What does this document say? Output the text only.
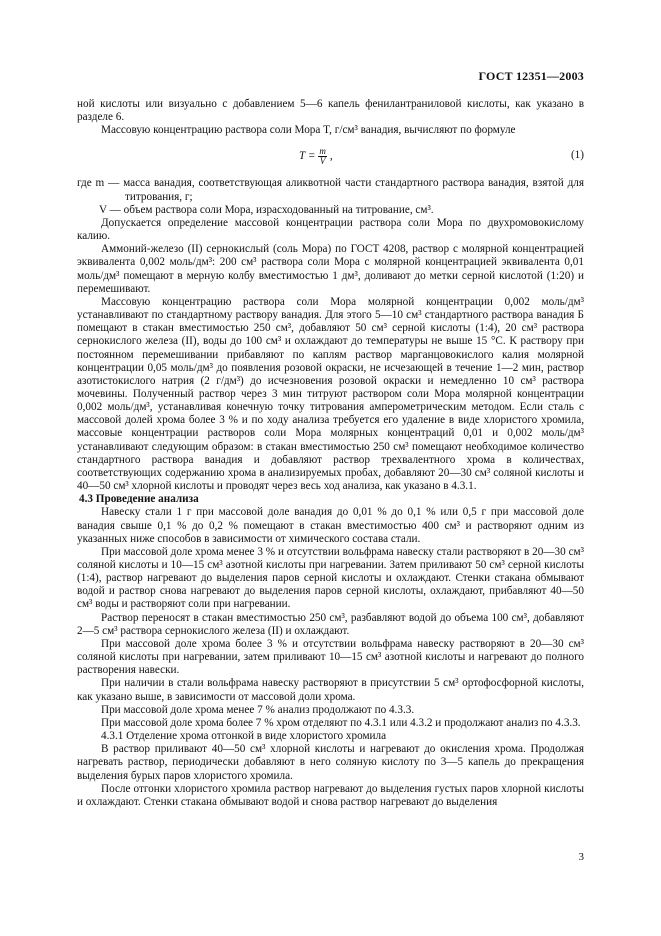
ГОСТ 12351—2003

ной кислоты или визуально с добавлением 5—6 капель фенилантраниловой кислоты, как указано в разделе 6.

Массовую концентрацию раствора соли Мора T, г/см³ ванадия, вычисляют по формуле

$T = \frac{m}{V}$ ,	(1)

где m — масса ванадия, соответствующая аликвотной части стандартного раствора ванадия, взятой для титрования, г;

V — объем раствора соли Мора, израсходованный на титрование, см³.

Допускается определение массовой концентрации раствора соли Мора по двухромовокислому калию.

Аммоний-железо (II) сернокислый (соль Мора) по ГОСТ 4208, раствор с молярной концентрацией эквивалента 0,002 моль/дм³: 200 см³ раствора соли Мора с молярной концентрацией эквивалента 0,01 моль/дм³ помещают в мерную колбу вместимостью 1 дм³, доливают до метки серной кислотой (1:20) и перемешивают.

Массовую концентрацию раствора соли Мора молярной концентрации 0,002 моль/дм³ устанавливают по стандартному раствору ванадия. Для этого 5—10 см³ стандартного раствора ванадия Б помещают в стакан вместимостью 250 см³, добавляют 50 см³ серной кислоты (1:4), 20 см³ раствора сернокислого железа (II), воды до 100 см³ и охлаждают до температуры не выше 15 °С. К раствору при постоянном перемешивании прибавляют по каплям раствор марганцовокислого калия молярной концентрации 0,05 моль/дм³ до появления розовой окраски, не исчезающей в течение 1—2 мин, раствор азотистокислого натрия (2 г/дм³) до исчезновения розовой окраски и немедленно 10 см³ раствора мочевины. Полученный раствор через 3 мин титруют раствором соли Мора молярной концентрации 0,002 моль/дм³, устанавливая конечную точку титрования амперометрическим методом. Если сталь с массовой долей хрома более 3 % и по ходу анализа требуется его удаление в виде хлористого хромила, массовые концентрации растворов соли Мора молярных концентраций 0,01 и 0,002 моль/дм³ устанавливают следующим образом: в стакан вместимостью 250 см³ помещают необходимое количество стандартного раствора ванадия и добавляют раствор трехвалентного хрома в количествах, соответствующих содержанию хрома в анализируемых пробах, добавляют 20—30 см³ соляной кислоты и 40—50 см³ хлорной кислоты и проводят через весь ход анализа, как указано в 4.3.1.

4.3 Проведение анализа

Навеску стали 1 г при массовой доле ванадия до 0,01 % до 0,1 % или 0,5 г при массовой доле ванадия свыше 0,1 % до 0,2 % помещают в стакан вместимостью 400 см³ и растворяют одним из указанных ниже способов в зависимости от химического состава стали.

При массовой доле хрома менее 3 % и отсутствии вольфрама навеску стали растворяют в 20—30 см³ соляной кислоты и 10—15 см³ азотной кислоты при нагревании. Затем приливают 50 см³ серной кислоты (1:4), раствор нагревают до выделения паров серной кислоты и охлаждают. Стенки стакана обмывают водой и раствор снова нагревают до выделения паров серной кислоты, охлаждают, прибавляют 40—50 см³ воды и растворяют соли при нагревании.

Раствор переносят в стакан вместимостью 250 см³, разбавляют водой до объема 100 см³, добавляют 2—5 см³ раствора сернокислого железа (II) и охлаждают.

При массовой доле хрома более 3 % и отсутствии вольфрама навеску растворяют в 20—30 см³ соляной кислоты при нагревании, затем приливают 10—15 см³ азотной кислоты и нагревают до полного растворения навески.

При наличии в стали вольфрама навеску растворяют в присутствии 5 см³ ортофосфорной кислоты, как указано выше, в зависимости от массовой доли хрома.

При массовой доле хрома менее 7 % анализ продолжают по 4.3.3.

При массовой доле хрома более 7 % хром отделяют по 4.3.1 или 4.3.2 и продолжают анализ по 4.3.3.

4.3.1 Отделение хрома отгонкой в виде хлористого хромила

В раствор приливают 40—50 см³ хлорной кислоты и нагревают до окисления хрома. Продолжая нагревать раствор, периодически добавляют в него соляную кислоту по 3—5 капель до прекращения выделения бурых паров хлористого хромила.

После отгонки хлористого хромила раствор нагревают до выделения густых паров хлорной кислоты и охлаждают. Стенки стакана обмывают водой и снова раствор нагревают до выделения

3
